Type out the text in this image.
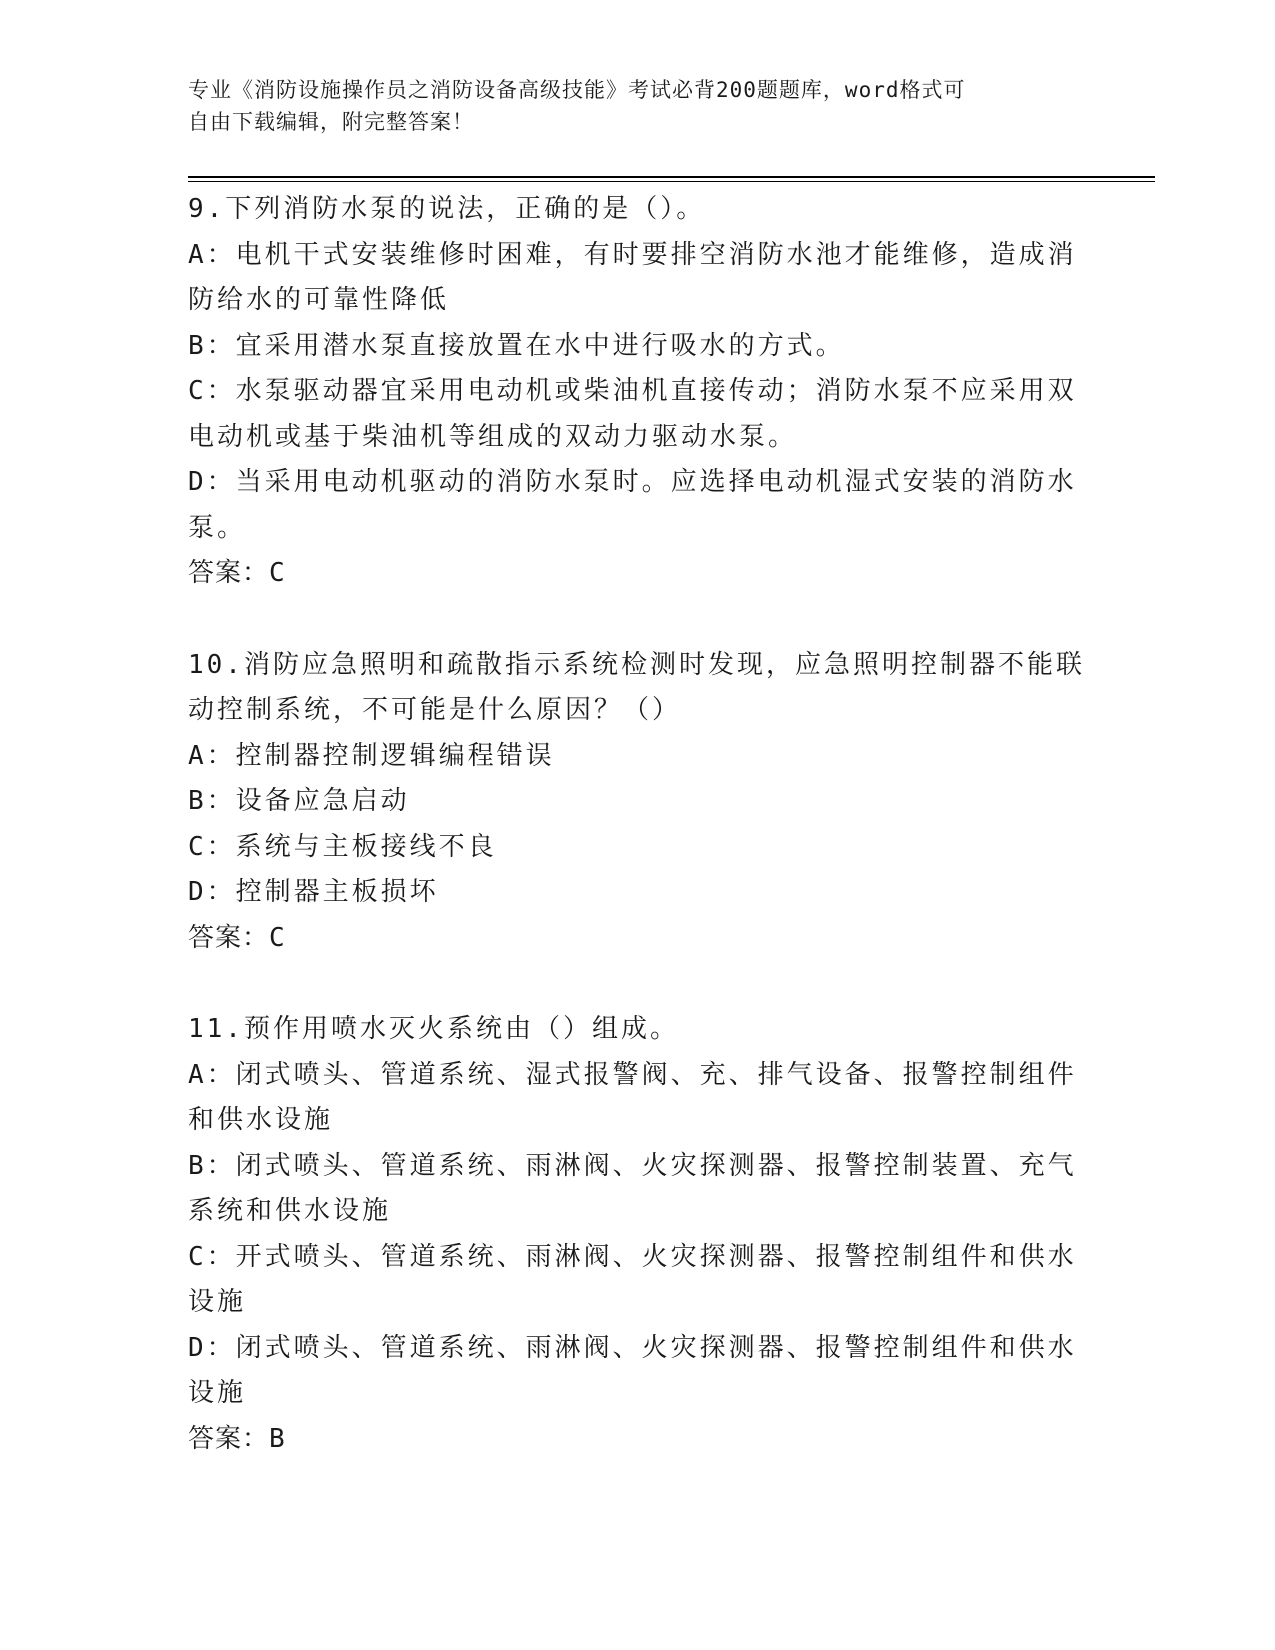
专业《消防设施操作员之消防设备高级技能》考试必背200题题库，word格式可
自由下载编辑，附完整答案！
9.下列消防水泵的说法，正确的是（）。
A：电机干式安装维修时困难，有时要排空消防水池才能维修，造成消
防给水的可靠性降低
B：宜采用潜水泵直接放置在水中进行吸水的方式。
C：水泵驱动器宜采用电动机或柴油机直接传动；消防水泵不应采用双
电动机或基于柴油机等组成的双动力驱动水泵。
D：当采用电动机驱动的消防水泵时。应选择电动机湿式安装的消防水
泵。
答案：C
10.消防应急照明和疏散指示系统检测时发现，应急照明控制器不能联
动控制系统，不可能是什么原因？（）
A：控制器控制逻辑编程错误
B：设备应急启动
C：系统与主板接线不良
D：控制器主板损坏
答案：C
11.预作用喷水灭火系统由（）组成。
A：闭式喷头、管道系统、湿式报警阀、充、排气设备、报警控制组件
和供水设施
B：闭式喷头、管道系统、雨淋阀、火灾探测器、报警控制装置、充气
系统和供水设施
C：开式喷头、管道系统、雨淋阀、火灾探测器、报警控制组件和供水
设施
D：闭式喷头、管道系统、雨淋阀、火灾探测器、报警控制组件和供水
设施
答案：B
